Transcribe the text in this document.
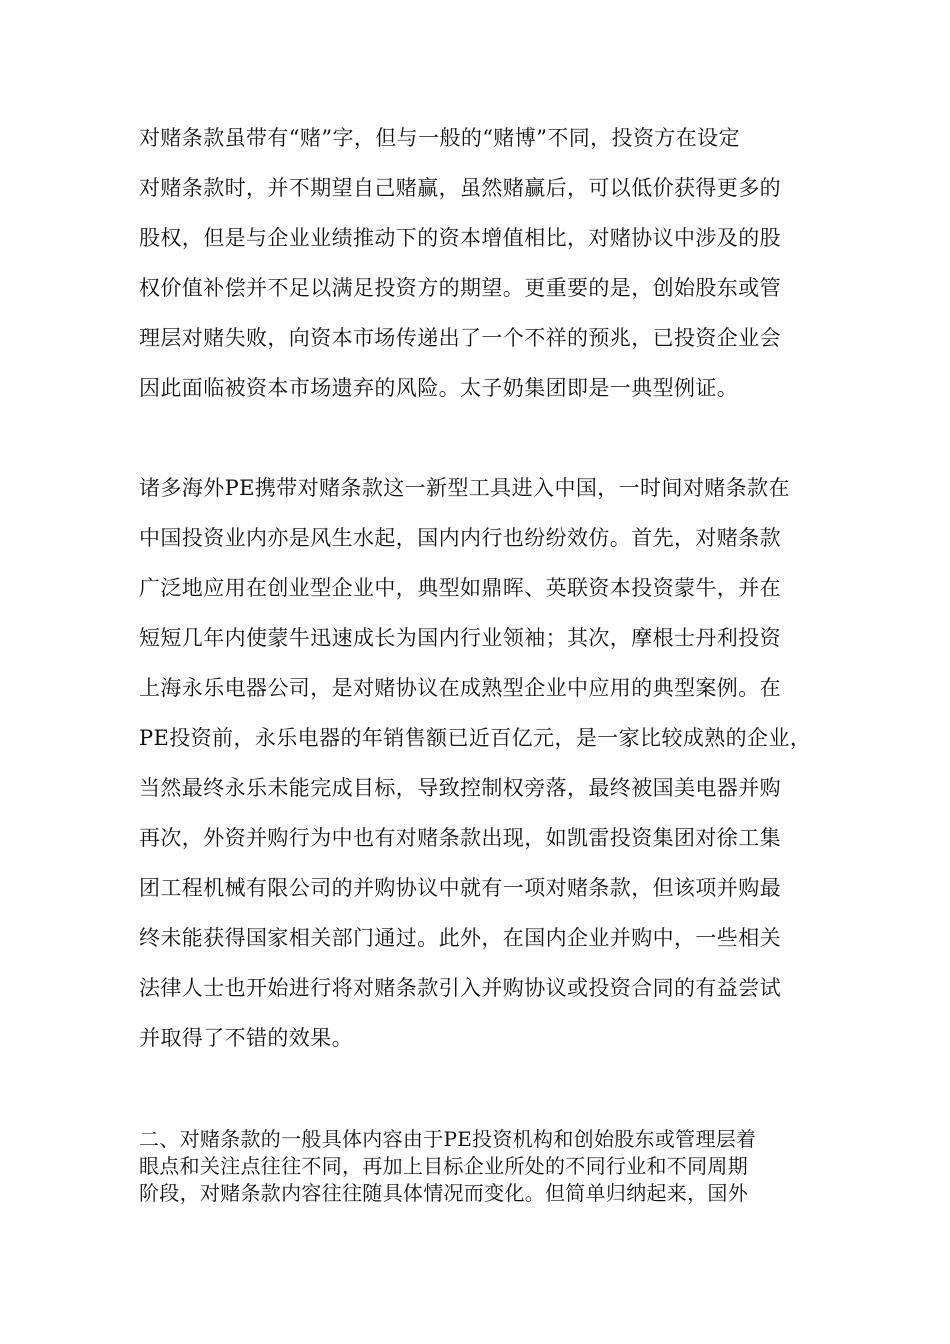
对赌条款虽带有“赌”字，但与一般的“赌博”不同，投资方在设定
对赌条款时，并不期望自己赌赢，虽然赌赢后，可以低价获得更多的
股权，但是与企业业绩推动下的资本增值相比，对赌协议中涉及的股
权价值补偿并不足以满足投资方的期望。更重要的是，创始股东或管
理层对赌失败，向资本市场传递出了一个不祥的预兆，已投资企业会
因此面临被资本市场遗弃的风险。太子奶集团即是一典型例证。
诸多海外PE携带对赌条款这一新型工具进入中国，一时间对赌条款在
中国投资业内亦是风生水起，国内内行也纷纷效仿。首先，对赌条款
广泛地应用在创业型企业中，典型如鼎晖、英联资本投资蒙牛，并在
短短几年内使蒙牛迅速成长为国内行业领袖；其次，摩根士丹利投资
上海永乐电器公司，是对赌协议在成熟型企业中应用的典型案例。在
PE投资前，永乐电器的年销售额已近百亿元，是一家比较成熟的企业，
当然最终永乐未能完成目标，导致控制权旁落，最终被国美电器并购
再次，外资并购行为中也有对赌条款出现，如凯雷投资集团对徐工集
团工程机械有限公司的并购协议中就有一项对赌条款，但该项并购最
终未能获得国家相关部门通过。此外，在国内企业并购中，一些相关
法律人士也开始进行将对赌条款引入并购协议或投资合同的有益尝试
并取得了不错的效果。
二、对赌条款的一般具体内容由于PE投资机构和创始股东或管理层着
眼点和关注点往往不同，再加上目标企业所处的不同行业和不同周期
阶段，对赌条款内容往往随具体情况而变化。但简单归纳起来，国外
